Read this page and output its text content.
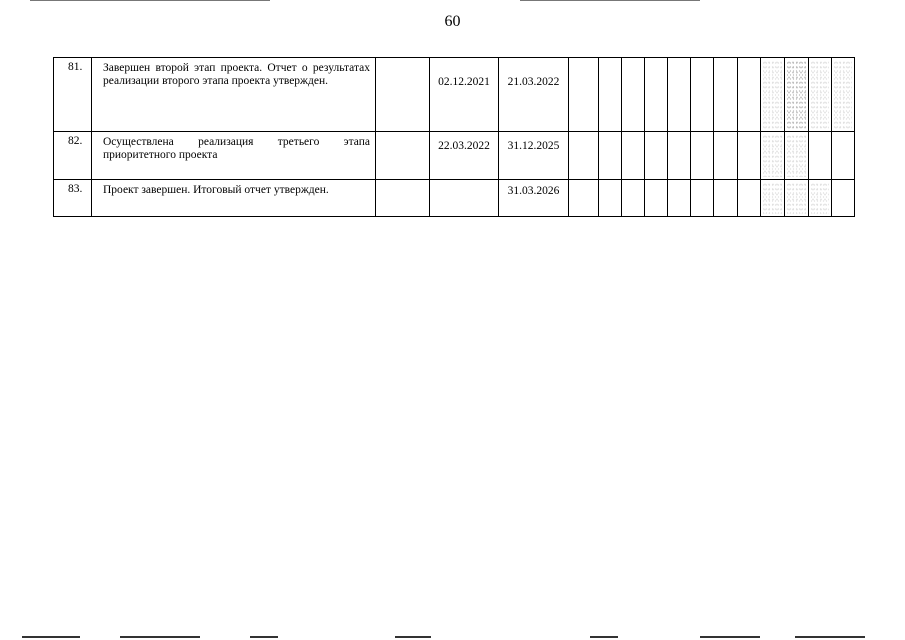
60
81.	Завершен второй этап проекта. Отчет о результатах реализации второго этапа проекта утвержден.		02.12.2021	21.03.2022									

82.	Осуществлена реализация третьего этапа приоритетного проекта		22.03.2022	31.12.2025									

83.	Проект завершен. Итоговый отчет утвержден.			31.03.2026									
